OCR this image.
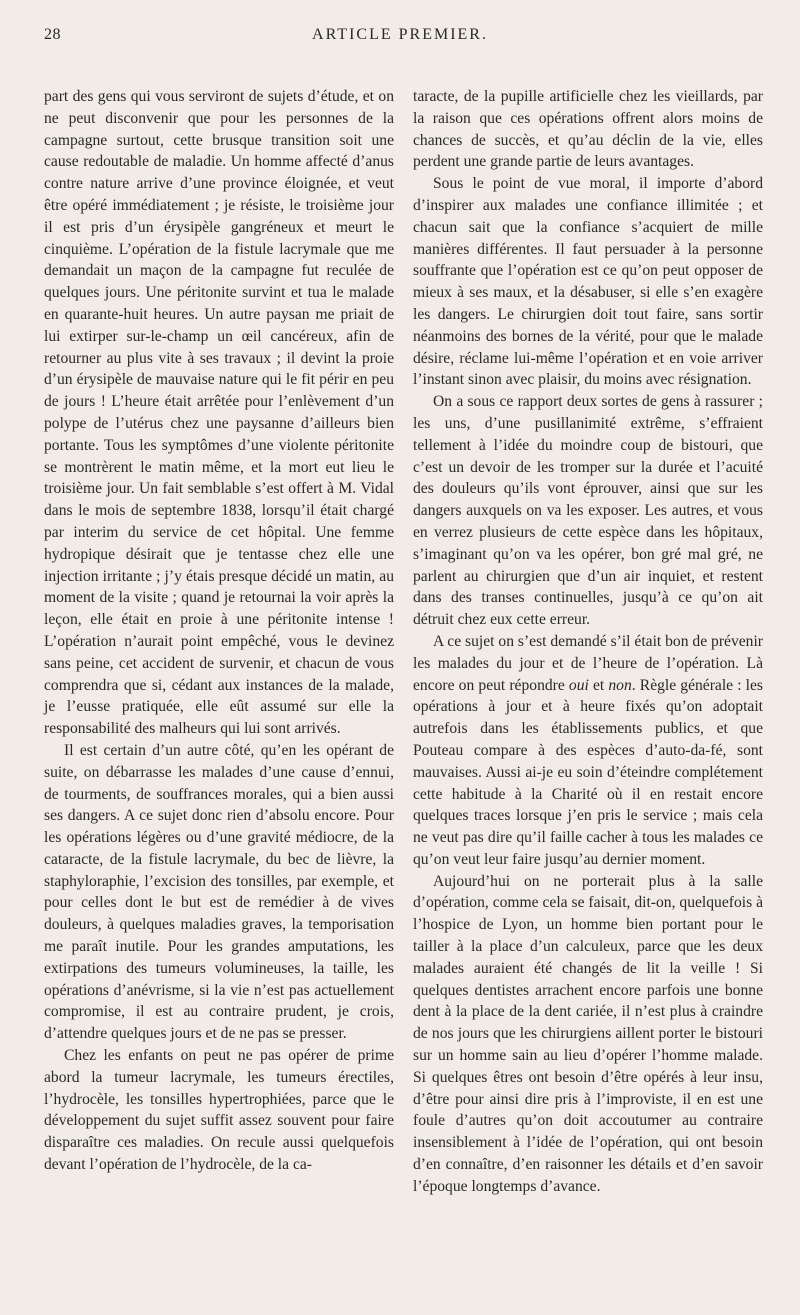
28	ARTICLE PREMIER.

part des gens qui vous serviront de sujets d’étude, et on ne peut disconvenir que pour les personnes de la campagne surtout, cette brusque transition soit une cause redoutable de maladie. Un homme affecté d’anus contre nature arrive d’une province éloignée, et veut être opéré immédiatement ; je résiste, le troisième jour il est pris d’un érysipèle gangréneux et meurt le cinquième. L’opération de la fistule lacrymale que me demandait un maçon de la campagne fut reculée de quelques jours. Une péritonite survint et tua le malade en quarante-huit heures. Un autre paysan me priait de lui extirper sur-le-champ un œil cancéreux, afin de retourner au plus vite à ses travaux ; il devint la proie d’un érysipèle de mauvaise nature qui le fit périr en peu de jours ! L’heure était arrêtée pour l’enlèvement d’un polype de l’utérus chez une paysanne d’ailleurs bien portante. Tous les symptômes d’une violente péritonite se montrèrent le matin même, et la mort eut lieu le troisième jour. Un fait semblable s’est offert à M. Vidal dans le mois de septembre 1838, lorsqu’il était chargé par interim du service de cet hôpital. Une femme hydropique désirait que je tentasse chez elle une injection irritante ; j’y étais presque décidé un matin, au moment de la visite ; quand je retournai la voir après la leçon, elle était en proie à une péritonite intense ! L’opération n’aurait point empêché, vous le devinez sans peine, cet accident de survenir, et chacun de vous comprendra que si, cédant aux instances de la malade, je l’eusse pratiquée, elle eût assumé sur elle la responsabilité des malheurs qui lui sont arrivés.

Il est certain d’un autre côté, qu’en les opérant de suite, on débarrasse les malades d’une cause d’ennui, de tourments, de souffrances morales, qui a bien aussi ses dangers. A ce sujet donc rien d’absolu encore. Pour les opérations légères ou d’une gravité médiocre, de la cataracte, de la fistule lacrymale, du bec de lièvre, la staphyloraphie, l’excision des tonsilles, par exemple, et pour celles dont le but est de remédier à de vives douleurs, à quelques maladies graves, la temporisation me paraît inutile. Pour les grandes amputations, les extirpations des tumeurs volumineuses, la taille, les opérations d’anévrisme, si la vie n’est pas actuellement compromise, il est au contraire prudent, je crois, d’attendre quelques jours et de ne pas se presser.

Chez les enfants on peut ne pas opérer de prime abord la tumeur lacrymale, les tumeurs érectiles, l’hydrocèle, les tonsilles hypertrophiées, parce que le développement du sujet suffit assez souvent pour faire disparaître ces maladies. On recule aussi quelquefois devant l’opération de l’hydrocèle, de la ca-

taracte, de la pupille artificielle chez les vieillards, par la raison que ces opérations offrent alors moins de chances de succès, et qu’au déclin de la vie, elles perdent une grande partie de leurs avantages.

Sous le point de vue moral, il importe d’abord d’inspirer aux malades une confiance illimitée ; et chacun sait que la confiance s’acquiert de mille manières différentes. Il faut persuader à la personne souffrante que l’opération est ce qu’on peut opposer de mieux à ses maux, et la désabuser, si elle s’en exagère les dangers. Le chirurgien doit tout faire, sans sortir néanmoins des bornes de la vérité, pour que le malade désire, réclame lui-même l’opération et en voie arriver l’instant sinon avec plaisir, du moins avec résignation.

On a sous ce rapport deux sortes de gens à rassurer ; les uns, d’une pusillanimité extrême, s’effraient tellement à l’idée du moindre coup de bistouri, que c’est un devoir de les tromper sur la durée et l’acuité des douleurs qu’ils vont éprouver, ainsi que sur les dangers auxquels on va les exposer. Les autres, et vous en verrez plusieurs de cette espèce dans les hôpitaux, s’imaginant qu’on va les opérer, bon gré mal gré, ne parlent au chirurgien que d’un air inquiet, et restent dans des transes continuelles, jusqu’à ce qu’on ait détruit chez eux cette erreur.

A ce sujet on s’est demandé s’il était bon de prévenir les malades du jour et de l’heure de l’opération. Là encore on peut répondre oui et non. Règle générale : les opérations à jour et à heure fixés qu’on adoptait autrefois dans les établissements publics, et que Pouteau compare à des espèces d’auto-da-fé, sont mauvaises. Aussi ai-je eu soin d’éteindre complétement cette habitude à la Charité où il en restait encore quelques traces lorsque j’en pris le service ; mais cela ne veut pas dire qu’il faille cacher à tous les malades ce qu’on veut leur faire jusqu’au dernier moment.

Aujourd’hui on ne porterait plus à la salle d’opération, comme cela se faisait, dit-on, quelquefois à l’hospice de Lyon, un homme bien portant pour le tailler à la place d’un calculeux, parce que les deux malades auraient été changés de lit la veille ! Si quelques dentistes arrachent encore parfois une bonne dent à la place de la dent cariée, il n’est plus à craindre de nos jours que les chirurgiens aillent porter le bistouri sur un homme sain au lieu d’opérer l’homme malade. Si quelques êtres ont besoin d’être opérés à leur insu, d’être pour ainsi dire pris à l’improviste, il en est une foule d’autres qu’on doit accoutumer au contraire insensiblement à l’idée de l’opération, qui ont besoin d’en connaître, d’en raisonner les détails et d’en savoir l’époque longtemps d’avance.
